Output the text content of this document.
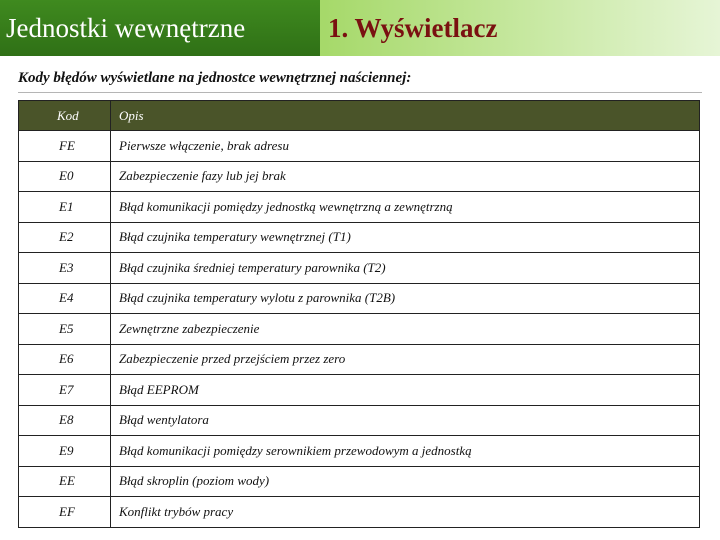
Jednostki wewnętrzne	1. Wyświetlacz
Kody błędów wyświetlane na jednostce wewnętrznej naściennej:
Kod	Opis
FE	Pierwsze włączenie, brak adresu
E0	Zabezpieczenie fazy lub jej brak
E1	Błąd komunikacji pomiędzy jednostką wewnętrzną a zewnętrzną
E2	Błąd czujnika temperatury wewnętrznej (T1)
E3	Błąd czujnika średniej temperatury parownika (T2)
E4	Błąd czujnika temperatury wylotu z parownika (T2B)
E5	Zewnętrzne zabezpieczenie
E6	Zabezpieczenie przed przejściem przez zero
E7	Błąd EEPROM
E8	Błąd wentylatora
E9	Błąd komunikacji pomiędzy serownikiem przewodowym a jednostką
EE	Błąd skroplin (poziom wody)
EF	Konflikt trybów pracy
